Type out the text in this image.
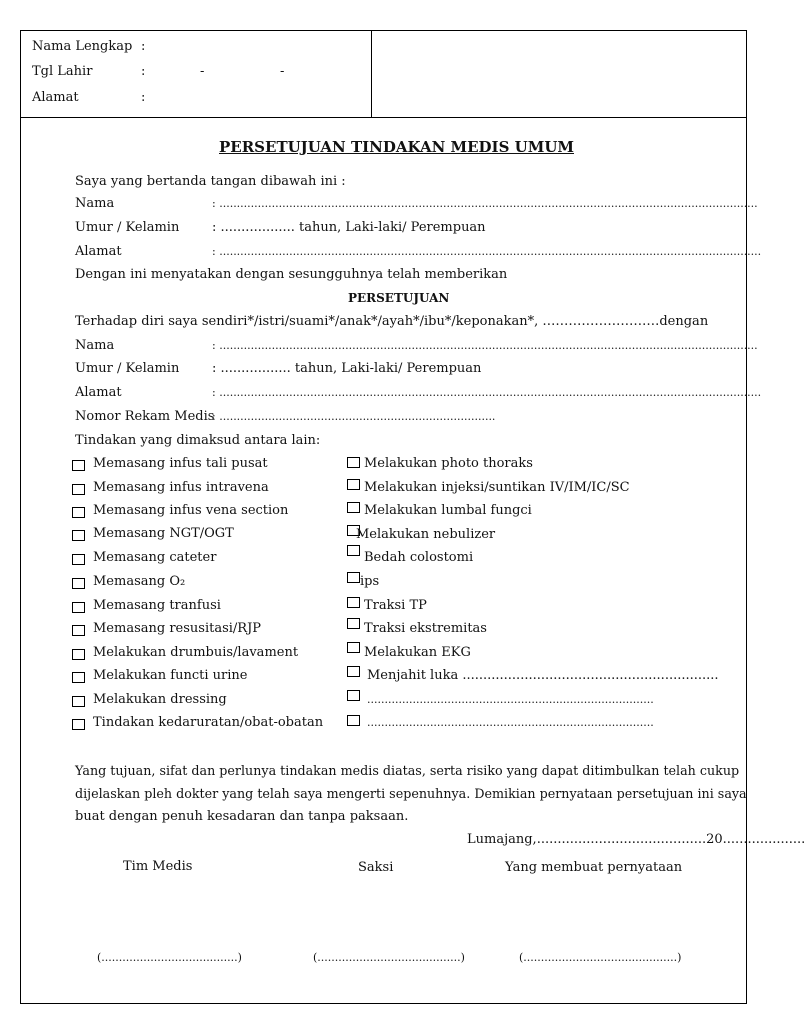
Nama Lengkap :
Tgl Lahir	:	-	-
Alamat	:
PERSETUJUAN TINDAKAN MEDIS UMUM
Saya yang bertanda tangan dibawah ini :
Nama	: ..........................................................................................................................................................
Umur / Kelamin	: .................. tahun, Laki-laki/ Perempuan
Alamat	: ...........................................................................................................................................................
Dengan ini menyatakan dengan sesungguhnya telah memberikan
PERSETUJUAN
Terhadap diri saya sendiri*/istri/suami*/anak*/ayah*/ibu*/keponakan*, ………………………dengan
Nama	: ..........................................................................................................................................................
Umur / Kelamin	: ................. tahun, Laki-laki/ Perempuan
Alamat	: ...........................................................................................................................................................
Nomor Rekam Medis
: ...............................................................................
Tindakan yang dimaksud antara lain:
Memasang infus tali pusat
Memasang infus intravena
Memasang infus vena section
Memasang NGT/OGT
Memasang cateter
Memasang O₂
Memasang tranfusi
Memasang resusitasi/RJP
Melakukan drumbuis/lavament
Melakukan functi urine
Melakukan dressing
Tindakan kedaruratan/obat-obatan
Melakukan photo thoraks
Melakukan injeksi/suntikan IV/IM/IC/SC
Melakukan lumbal fungci
Melakukan nebulizer
Bedah colostomi
ips
Traksi TP
Traksi ekstremitas
Melakukan EKG
Menjahit luka ..............................................................
..................................................................................
..................................................................................
Yang tujuan, sifat dan perlunya tindakan medis diatas, serta risiko yang dapat ditimbulkan telah cukup
dijelaskan pleh dokter yang telah saya mengerti sepenuhnya. Demikian pernyataan persetujuan ini saya
buat dengan penuh kesadaran dan tanpa paksaan.
Lumajang,.........................................20....................
Tim Medis	Saksi	Yang membuat pernyataan
(.......................................)	(.........................................)	(............................................)
